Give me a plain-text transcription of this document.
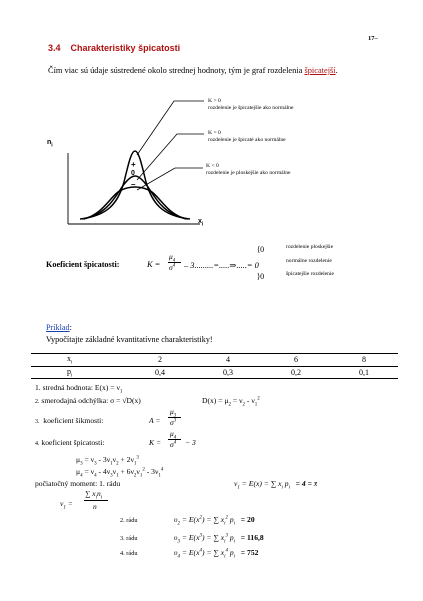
17–
3.4 Charakteristiky špicatosti
Čím viac sú údaje sústredené okolo strednej hodnoty, tým je graf rozdelenia špicatejší.
$n_i$
$x_i$
+
0
–
K > 0
rozdelenie je špicatejšie ako normálne
K = 0
rozdelenie je špicaté ako normálne
K < 0
rozdelenie je ploskejšie ako normálne
Koeficient špicatosti:	K =
$\mu_4$
$\sigma^4$ – 3.........=.....⇒.....= 0
⟨0
⟩0
rozdelenie ploskejšie
normálne rozdelenie
špicatejšie rozdelenie
Príklad:
Vypočítajte základné kvantitatívne charakteristiky!
$x_i$	2	4	6	8
$p_i$	0,4	0,3	0,2	0,1
1. stredná hodnota: $E(x) = \nu_1$
2. smerodajná odchýlka: σ = √D(x)	$D(x) = \mu_2 = \nu_2 - \nu_1^2$
3. koeficient šikmosti:	A =
$\mu_3$
$\sigma^3$
4. koeficient špicatosti:	K =
$\mu_4$
$\sigma^4 - 3$
$\mu_3 = \nu_3 - 3\nu_1\nu_2 + 2\nu_1^3$
$\mu_4 = \nu_4 - 4\nu_3\nu_1 + 6\nu_2\nu_1^2 - 3\nu_1^4$
počiatočný moment: 1. rádu	$\nu_1 = E(x)$ = ∑ $x_i$ $p_i = 4$ = x̄
$\nu_1$ =
∑ $x_in_i$
n
2. rádu	$\upsilon_2 = E(x^2)$ = ∑ $x_i^2$ $p_i = 20$
3. rádu	$\upsilon_3 = E(x^3)$ = ∑ $x_i^3$ $p_i = 116,8$
4. rádu	$\upsilon_4 = E(x^4)$ = ∑ $x_i^4$ $p_i = 752$
